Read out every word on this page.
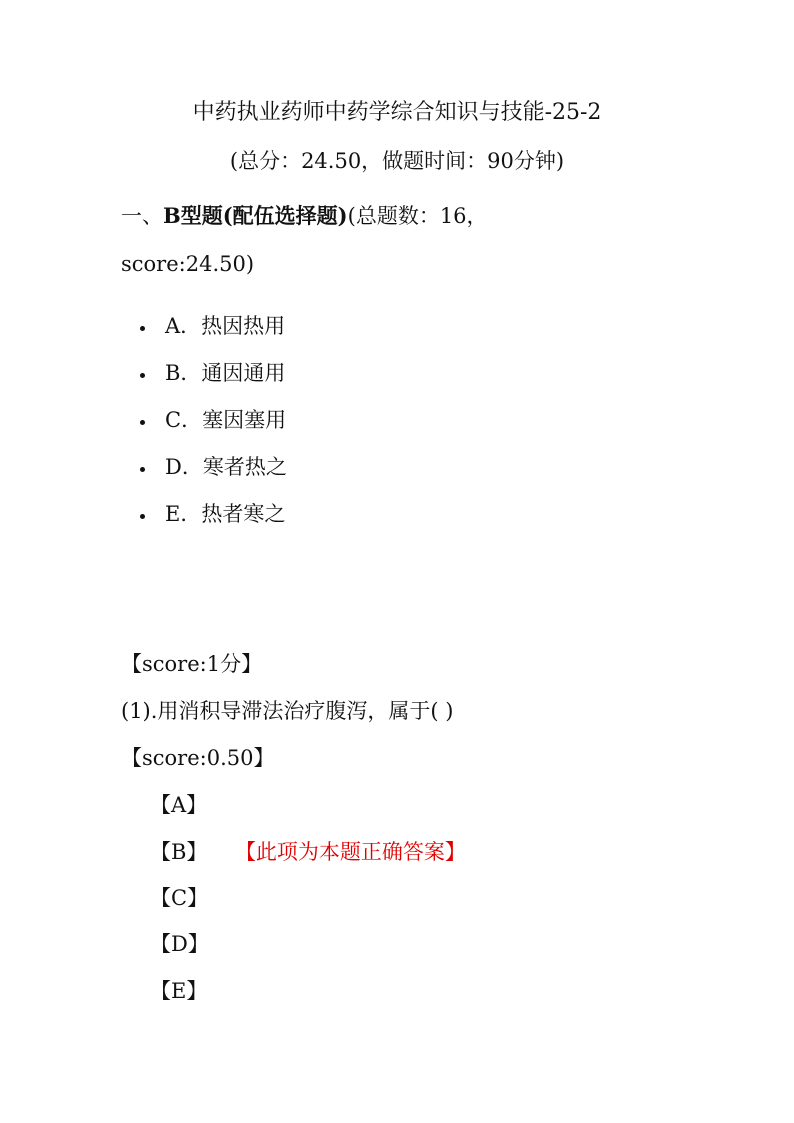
中药执业药师中药学综合知识与技能-25-2
(总分：24.50，做题时间：90分钟)
一、B型题(配伍选择题)(总题数：16，
score:24.50)
A．热因热用
B．通因通用
C．塞因塞用
D．寒者热之
E．热者寒之
【score:1分】
(1).用消积导滞法治疗腹泻，属于( )
【score:0.50】
【A】
【B】 【此项为本题正确答案】
【C】
【D】
【E】
